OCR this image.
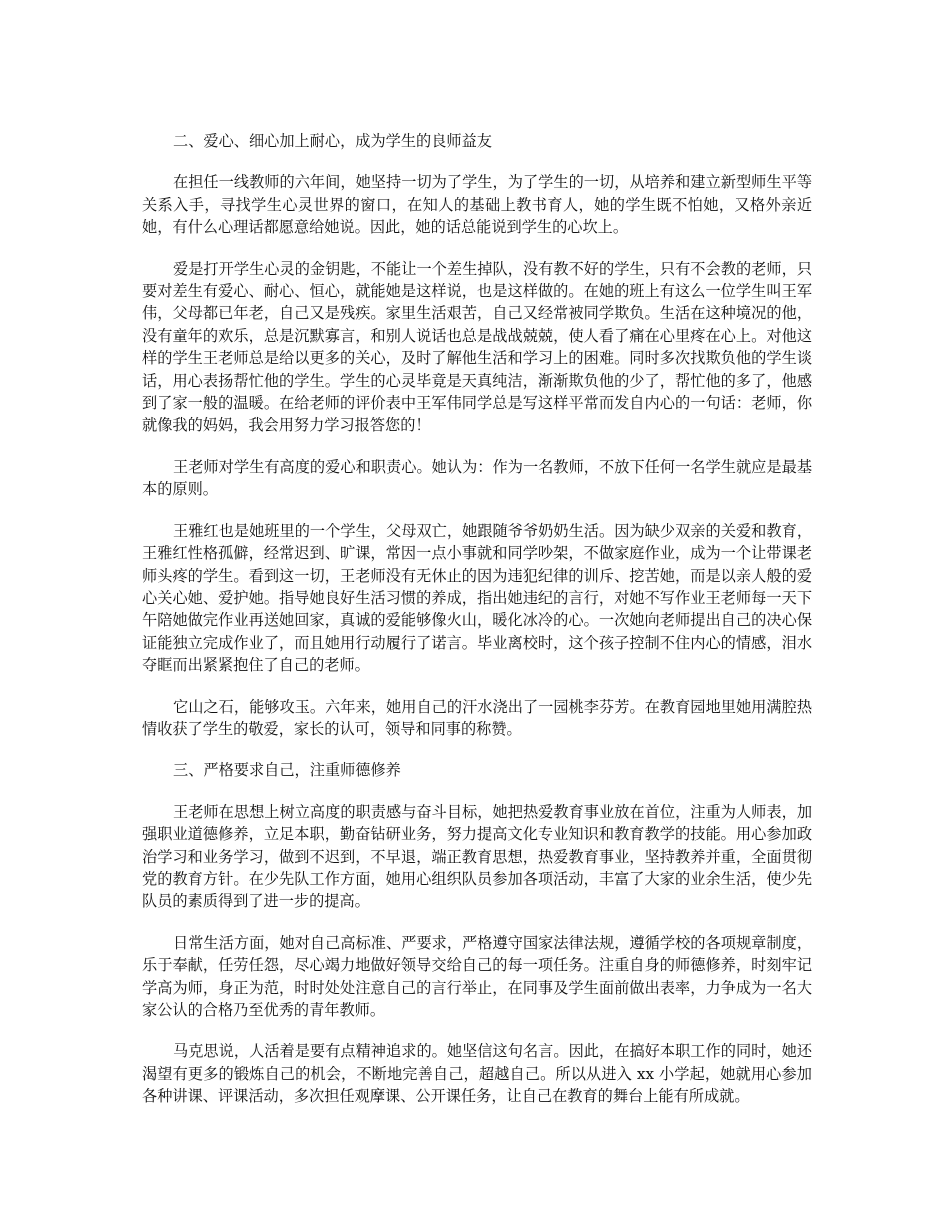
二、爱心、细心加上耐心，成为学生的良师益友

在担任一线教师的六年间，她坚持一切为了学生，为了学生的一切，从培养和建立新型师生平等关系入手，寻找学生心灵世界的窗口，在知人的基础上教书育人，她的学生既不怕她，又格外亲近她，有什么心理话都愿意给她说。因此，她的话总能说到学生的心坎上。

爱是打开学生心灵的金钥匙，不能让一个差生掉队，没有教不好的学生，只有不会教的老师，只要对差生有爱心、耐心、恒心，就能她是这样说，也是这样做的。在她的班上有这么一位学生叫王军伟，父母都已年老，自己又是残疾。家里生活艰苦，自己又经常被同学欺负。生活在这种境况的他，没有童年的欢乐，总是沉默寡言，和别人说话也总是战战兢兢，使人看了痛在心里疼在心上。对他这样的学生王老师总是给以更多的关心，及时了解他生活和学习上的困难。同时多次找欺负他的学生谈话，用心表扬帮忙他的学生。学生的心灵毕竟是天真纯洁，渐渐欺负他的少了，帮忙他的多了，他感到了家一般的温暖。在给老师的评价表中王军伟同学总是写这样平常而发自内心的一句话：老师，你就像我的妈妈，我会用努力学习报答您的！

王老师对学生有高度的爱心和职责心。她认为：作为一名教师，不放下任何一名学生就应是最基本的原则。

王雅红也是她班里的一个学生，父母双亡，她跟随爷爷奶奶生活。因为缺少双亲的关爱和教育，王雅红性格孤僻，经常迟到、旷课，常因一点小事就和同学吵架，不做家庭作业，成为一个让带课老师头疼的学生。看到这一切，王老师没有无休止的因为违犯纪律的训斥、挖苦她，而是以亲人般的爱心关心她、爱护她。指导她良好生活习惯的养成，指出她违纪的言行，对她不写作业王老师每一天下午陪她做完作业再送她回家，真诚的爱能够像火山，暖化冰冷的心。一次她向老师提出自己的决心保证能独立完成作业了，而且她用行动履行了诺言。毕业离校时，这个孩子控制不住内心的情感，泪水夺眶而出紧紧抱住了自己的老师。

它山之石，能够攻玉。六年来，她用自己的汗水浇出了一园桃李芬芳。在教育园地里她用满腔热情收获了学生的敬爱，家长的认可，领导和同事的称赞。

三、严格要求自己，注重师德修养

王老师在思想上树立高度的职责感与奋斗目标，她把热爱教育事业放在首位，注重为人师表，加强职业道德修养，立足本职，勤奋钻研业务，努力提高文化专业知识和教育教学的技能。用心参加政治学习和业务学习，做到不迟到，不早退，端正教育思想，热爱教育事业，坚持教养并重，全面贯彻党的教育方针。在少先队工作方面，她用心组织队员参加各项活动，丰富了大家的业余生活，使少先队员的素质得到了进一步的提高。

日常生活方面，她对自己高标准、严要求，严格遵守国家法律法规，遵循学校的各项规章制度，乐于奉献，任劳任怨，尽心竭力地做好领导交给自己的每一项任务。注重自身的师德修养，时刻牢记学高为师，身正为范，时时处处注意自己的言行举止，在同事及学生面前做出表率，力争成为一名大家公认的合格乃至优秀的青年教师。

马克思说，人活着是要有点精神追求的。她坚信这句名言。因此，在搞好本职工作的同时，她还渴望有更多的锻炼自己的机会，不断地完善自己，超越自己。所以从进入 xx 小学起，她就用心参加各种讲课、评课活动，多次担任观摩课、公开课任务，让自己在教育的舞台上能有所成就。
